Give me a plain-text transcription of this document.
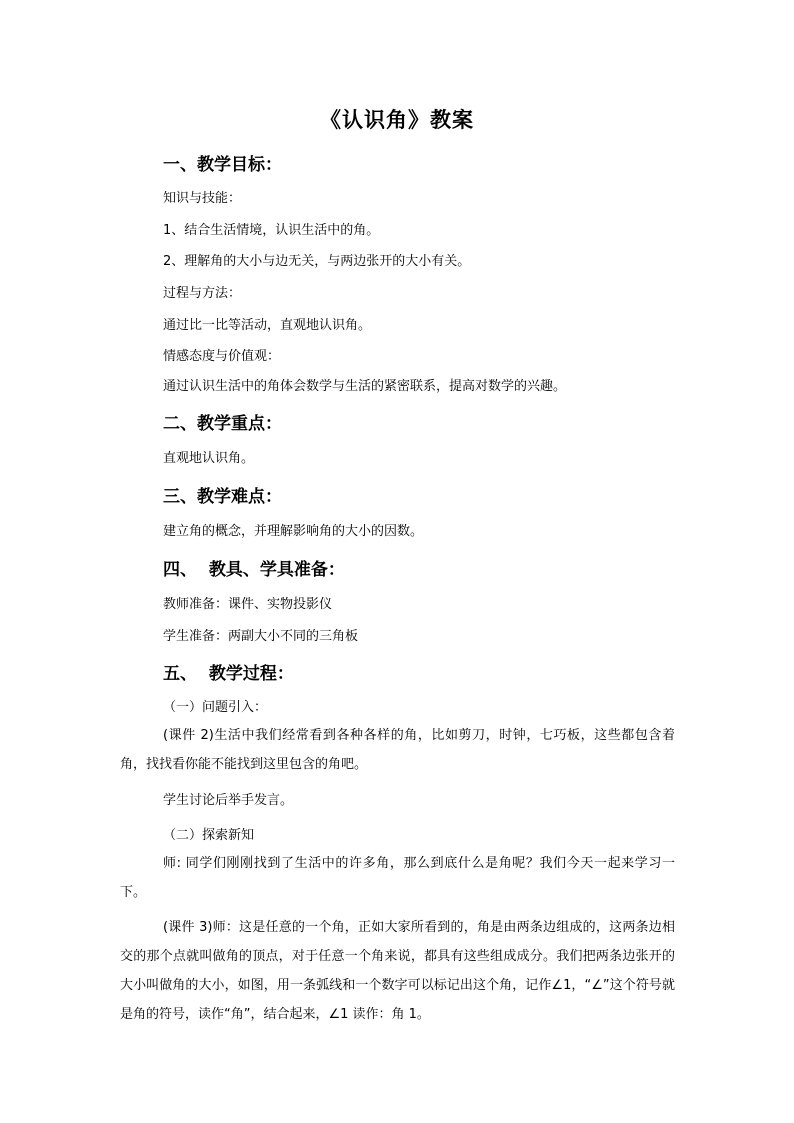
《认识角》教案
一、教学目标：
知识与技能：
1、结合生活情境，认识生活中的角。
2、理解角的大小与边无关，与两边张开的大小有关。
过程与方法：
通过比一比等活动，直观地认识角。
情感态度与价值观：
通过认识生活中的角体会数学与生活的紧密联系，提高对数学的兴趣。
二、教学重点：
直观地认识角。
三、教学难点：
建立角的概念，并理解影响角的大小的因数。
四、  教具、学具准备：
教师准备：课件、实物投影仪
学生准备：两副大小不同的三角板
五、  教学过程：
（一）问题引入：

(课件 2)生活中我们经常看到各种各样的角，比如剪刀，时钟，七巧板，这些都包含着角，找找看你能不能找到这里包含的角吧。

学生讨论后举手发言。

（二）探索新知

师: 同学们刚刚找到了生活中的许多角，那么到底什么是角呢？我们今天一起来学习一下。

(课件 3)师：这是任意的一个角，正如大家所看到的，角是由两条边组成的，这两条边相交的那个点就叫做角的顶点，对于任意一个角来说，都具有这些组成成分。我们把两条边张开的大小叫做角的大小，如图，用一条弧线和一个数字可以标记出这个角，记作∠1，“∠”这个符号就是角的符号，读作“角”，结合起来，∠1 读作：角 1。
